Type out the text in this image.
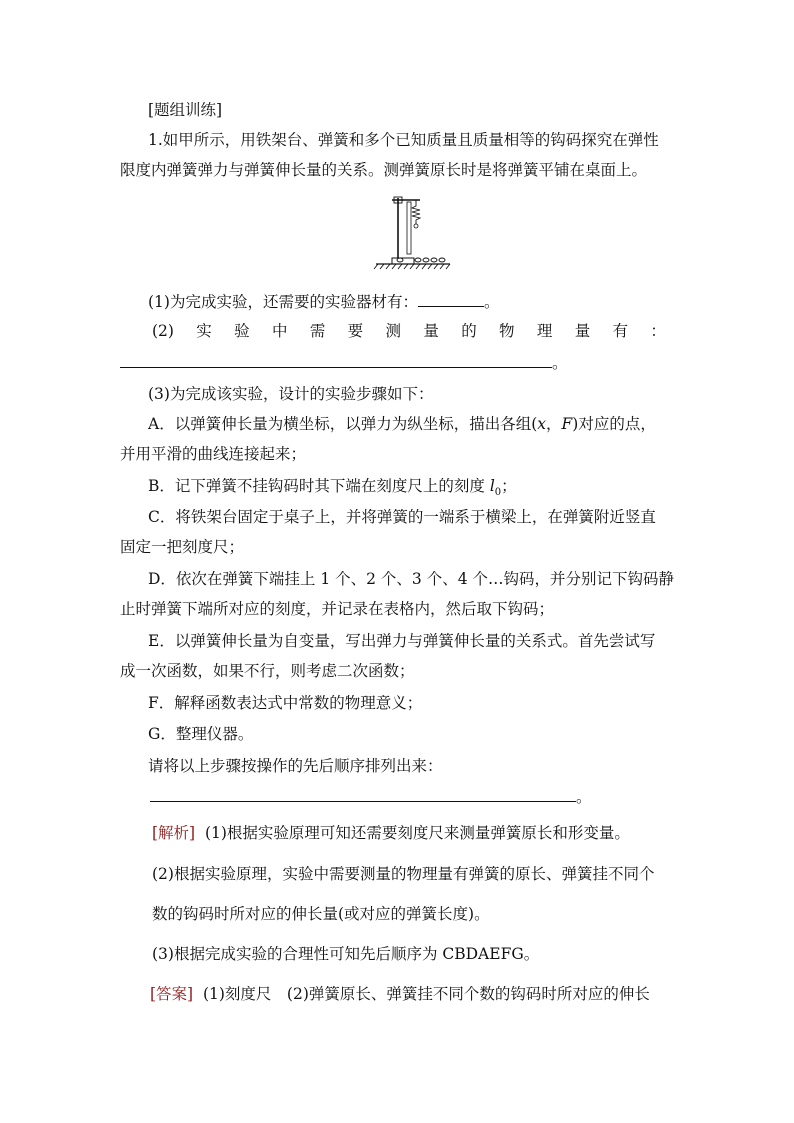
[题组训练]
1.如甲所示，用铁架台、弹簧和多个已知质量且质量相等的钩码探究在弹性
限度内弹簧弹力与弹簧伸长量的关系。测弹簧原长时是将弹簧平铺在桌面上。
(1)为完成实验，还需要的实验器材有：	。
(2) 实 验 中 需 要 测 量 的 物 理 量 有 ：
。
(3)为完成该实验，设计的实验步骤如下：
A．以弹簧伸长量为横坐标，以弹力为纵坐标，描出各组(x，F)对应的点，
并用平滑的曲线连接起来；
B．记下弹簧不挂钩码时其下端在刻度尺上的刻度 $l_0$；
C．将铁架台固定于桌子上，并将弹簧的一端系于横梁上，在弹簧附近竖直
固定一把刻度尺；
D．依次在弹簧下端挂上 1 个、2 个、3 个、4 个…钩码，并分别记下钩码静
止时弹簧下端所对应的刻度，并记录在表格内，然后取下钩码；
E．以弹簧伸长量为自变量，写出弹力与弹簧伸长量的关系式。首先尝试写
成一次函数，如果不行，则考虑二次函数；
F．解释函数表达式中常数的物理意义；
G．整理仪器。
请将以上步骤按操作的先后顺序排列出来：
。
[解析] (1)根据实验原理可知还需要刻度尺来测量弹簧原长和形变量。
(2)根据实验原理，实验中需要测量的物理量有弹簧的原长、弹簧挂不同个
数的钩码时所对应的伸长量(或对应的弹簧长度)。
(3)根据完成实验的合理性可知先后顺序为 CBDAEFG。
[答案] (1)刻度尺　(2)弹簧原长、弹簧挂不同个数的钩码时所对应的伸长
